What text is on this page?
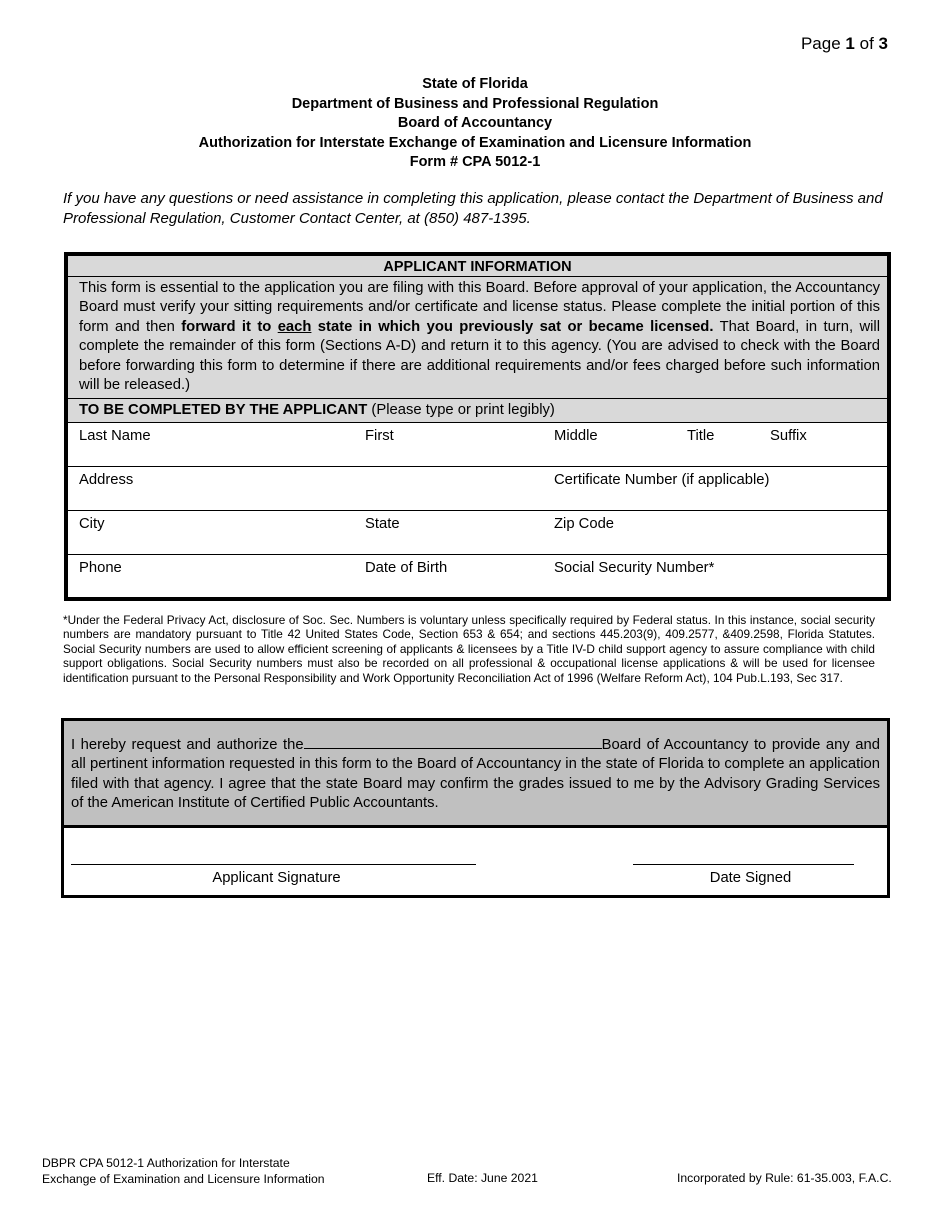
Page 1 of 3
State of Florida
Department of Business and Professional Regulation
Board of Accountancy
Authorization for Interstate Exchange of Examination and Licensure Information
Form # CPA 5012-1
If you have any questions or need assistance in completing this application, please contact the Department of Business and Professional Regulation, Customer Contact Center, at (850) 487-1395.
APPLICANT INFORMATION
This form is essential to the application you are filing with this Board. Before approval of your application, the Accountancy Board must verify your sitting requirements and/or certificate and license status. Please complete the initial portion of this form and then forward it to each state in which you previously sat or became licensed. That Board, in turn, will complete the remainder of this form (Sections A-D) and return it to this agency. (You are advised to check with the Board before forwarding this form to determine if there are additional requirements and/or fees charged before such information will be released.)
TO BE COMPLETED BY THE APPLICANT (Please type or print legibly)
Last Name	First	Middle	Title	Suffix
Address	Certificate Number (if applicable)
City	State	Zip Code
Phone	Date of Birth	Social Security Number*
*Under the Federal Privacy Act, disclosure of Soc. Sec. Numbers is voluntary unless specifically required by Federal status. In this instance, social security numbers are mandatory pursuant to Title 42 United States Code, Section 653 & 654; and sections 445.203(9), 409.2577, &409.2598, Florida Statutes. Social Security numbers are used to allow efficient screening of applicants & licensees by a Title IV-D child support agency to assure compliance with child support obligations. Social Security numbers must also be recorded on all professional & occupational license applications & will be used for licensee identification pursuant to the Personal Responsibility and Work Opportunity Reconciliation Act of 1996 (Welfare Reform Act), 104 Pub.L.193, Sec 317.
I hereby request and authorize the	Board of Accountancy to provide any and all pertinent information requested in this form to the Board of Accountancy in the state of Florida to complete an application filed with that agency. I agree that the state Board may confirm the grades issued to me by the Advisory Grading Services of the American Institute of Certified Public Accountants.
Applicant Signature	Date Signed
DBPR CPA 5012-1 Authorization for Interstate
Exchange of Examination and Licensure Information	Eff. Date: June 2021	Incorporated by Rule: 61-35.003, F.A.C.
